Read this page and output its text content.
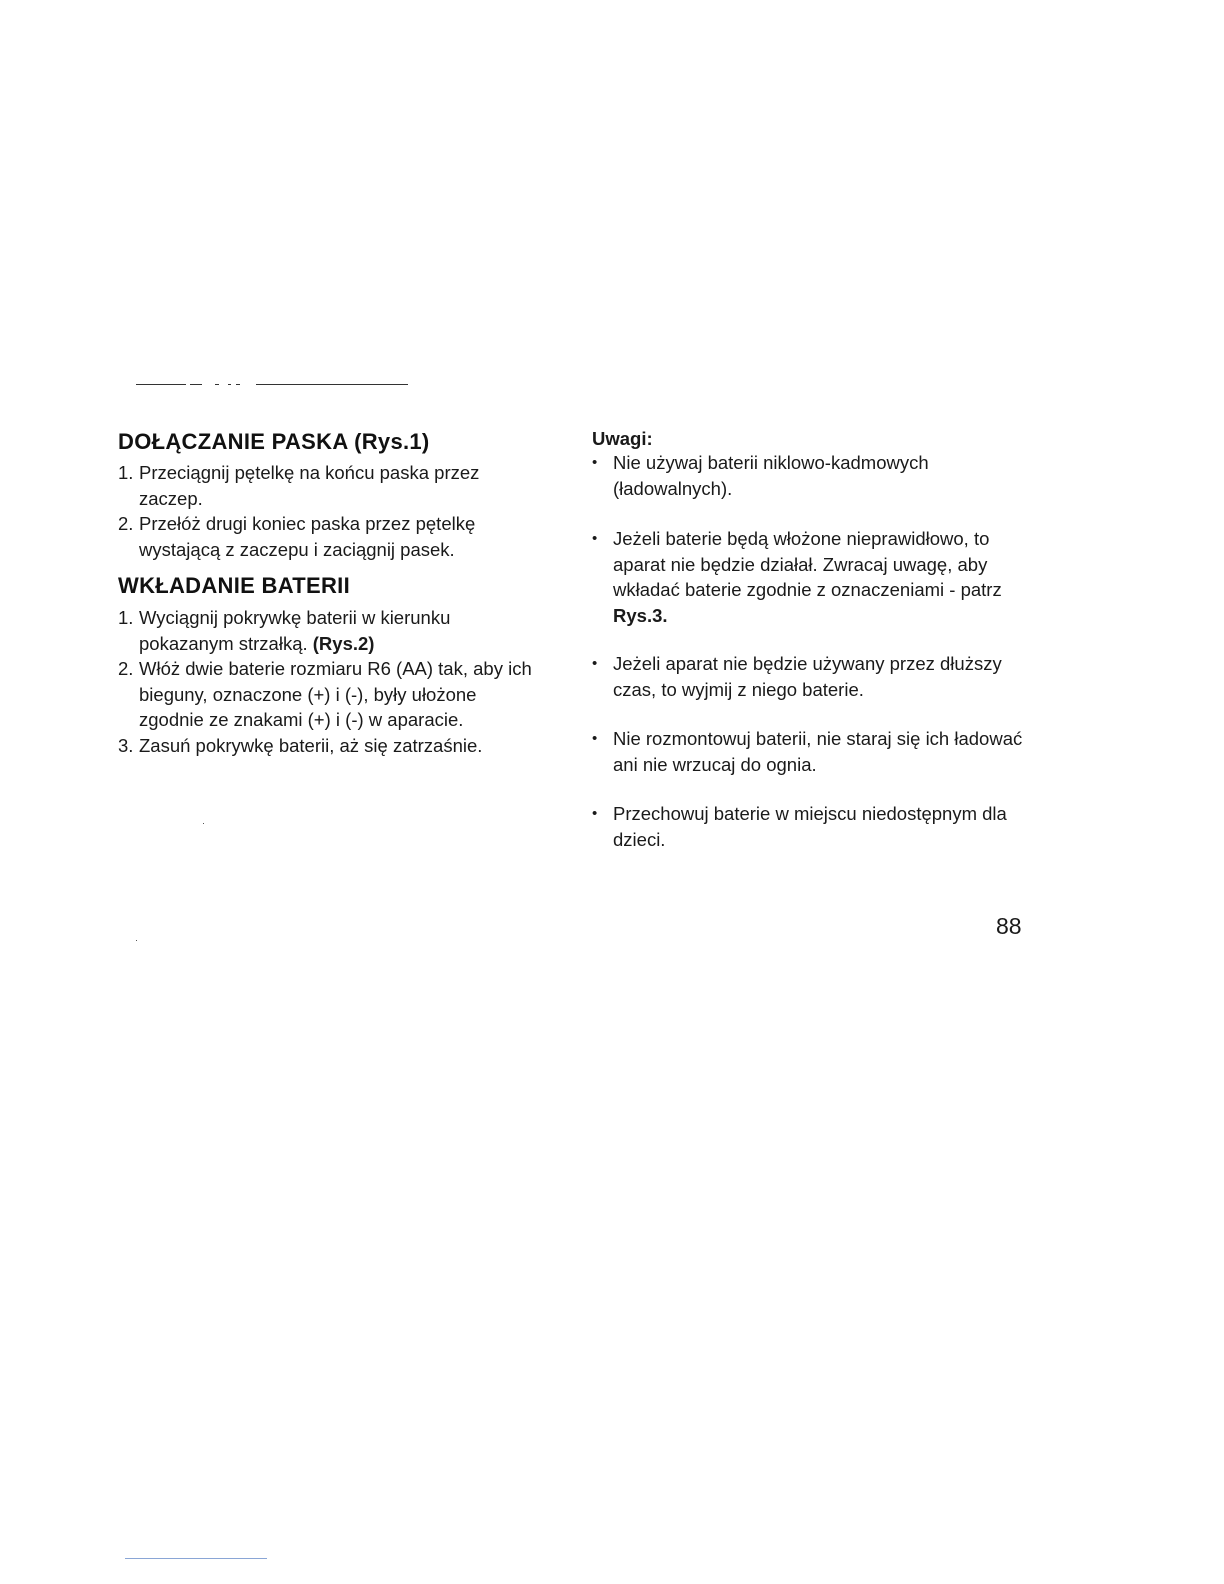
DOŁĄCZANIE PASKA (Rys.1)
1. Przeciągnij pętelkę na końcu paska przez zaczep.
2. Przełóż drugi koniec paska przez pętelkę wystającą z zaczepu i zaciągnij pasek.
WKŁADANIE BATERII
1. Wyciągnij pokrywkę baterii w kierunku pokazanym strzałką. (Rys.2)
2. Włóż dwie baterie rozmiaru R6 (AA) tak, aby ich bieguny, oznaczone (+) i (-), były ułożone zgodnie ze znakami (+) i (-) w aparacie.
3. Zasuń pokrywkę baterii, aż się zatrzaśnie.
Uwagi:
• Nie używaj baterii niklowo-kadmowych (ładowalnych).
• Jeżeli baterie będą włożone nieprawidłowo, to aparat nie będzie działał. Zwracaj uwagę, aby wkładać baterie zgodnie z oznaczeniami - patrz Rys.3.
• Jeżeli aparat nie będzie używany przez dłuższy czas, to wyjmij z niego baterie.
• Nie rozmontowuj baterii, nie staraj się ich ładować ani nie wrzucaj do ognia.
• Przechowuj baterie w miejscu niedostępnym dla dzieci.

88
